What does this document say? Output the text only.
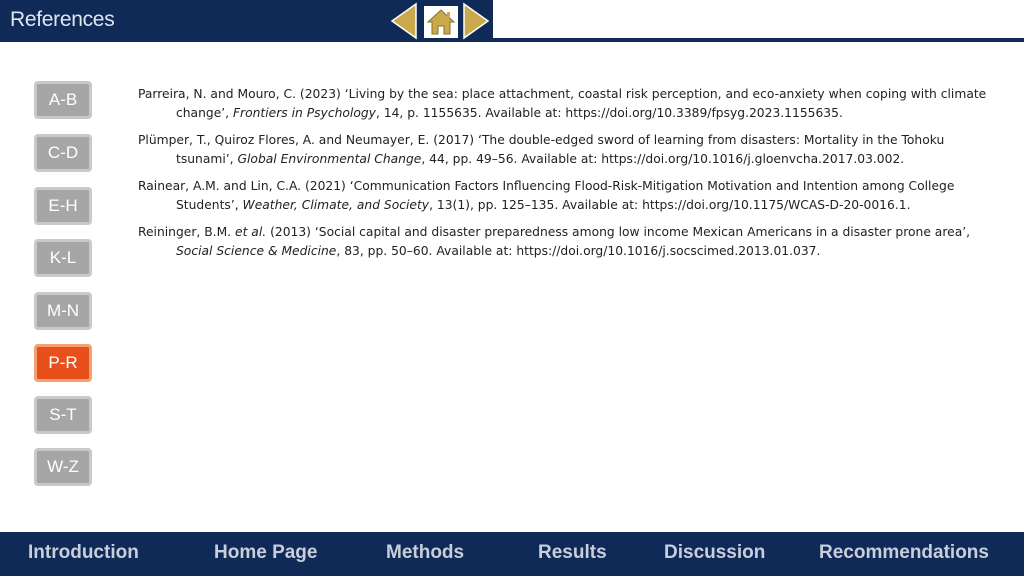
References
A-B
C-D
E-H
K-L
M-N
P-R
S-T
W-Z

Parreira, N. and Mouro, C. (2023) ‘Living by the sea: place attachment, coastal risk perception, and eco-anxiety when coping with climate change’, Frontiers in Psychology, 14, p. 1155635. Available at: https://doi.org/10.3389/fpsyg.2023.1155635.

Plümper, T., Quiroz Flores, A. and Neumayer, E. (2017) ‘The double-edged sword of learning from disasters: Mortality in the Tohoku tsunami’, Global Environmental Change, 44, pp. 49–56. Available at: https://doi.org/10.1016/j.gloenvcha.2017.03.002.

Rainear, A.M. and Lin, C.A. (2021) ‘Communication Factors Influencing Flood-Risk-Mitigation Motivation and Intention among College Students’, Weather, Climate, and Society, 13(1), pp. 125–135. Available at: https://doi.org/10.1175/WCAS-D-20-0016.1.

Reininger, B.M. et al. (2013) ‘Social capital and disaster preparedness among low income Mexican Americans in a disaster prone area’, Social Science & Medicine, 83, pp. 50–60. Available at: https://doi.org/10.1016/j.socscimed.2013.01.037.

Introduction	Home Page	Methods	Results	Discussion	Recommendations
